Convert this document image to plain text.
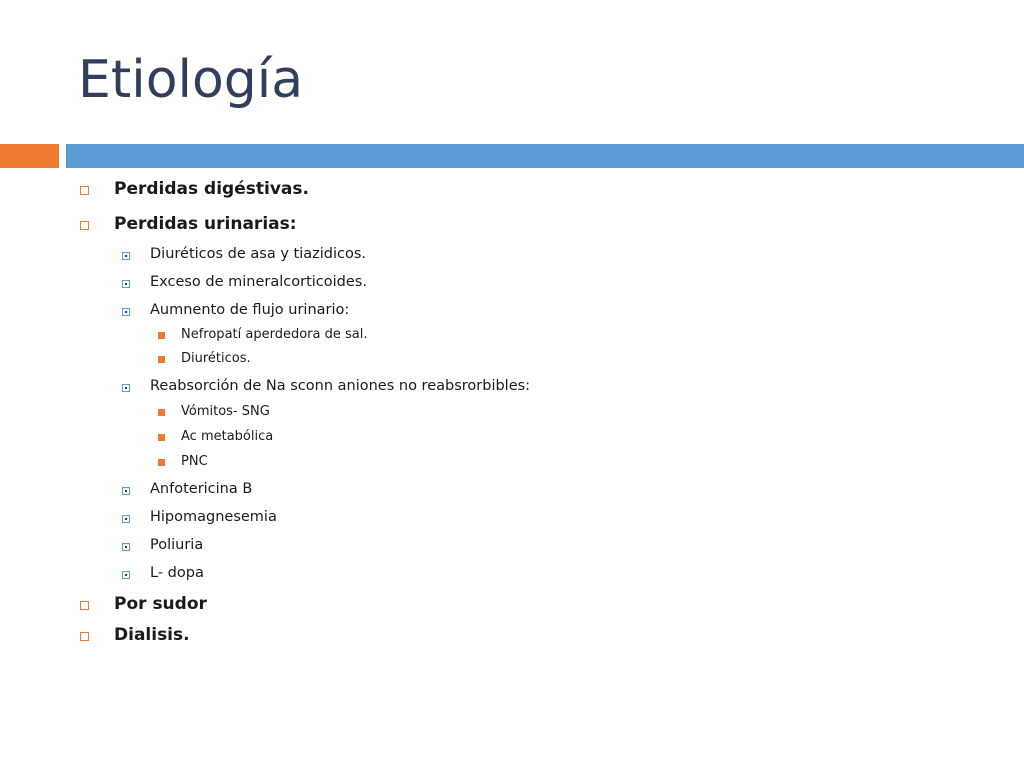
Etiología
Perdidas digéstivas.
Perdidas urinarias:
Diuréticos de asa y tiazidicos.
Exceso de mineralcorticoides.
Aumnento de flujo urinario:
Nefropatí aperdedora de sal.
Diuréticos.
Reabsorción de Na sconn aniones no reabsrorbibles:
Vómitos- SNG
Ac metabólica
PNC
Anfotericina B
Hipomagnesemia
Poliuria
L- dopa
Por sudor
Dialisis.
